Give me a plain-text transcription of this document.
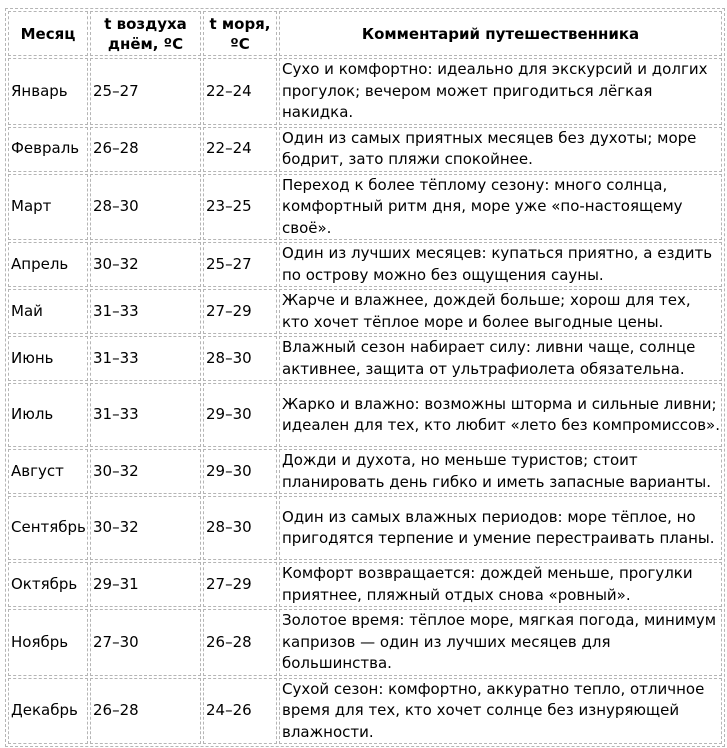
Месяц	t воздуха днём, ºC	t моря, ºC	Комментарий путешественника
Январь	25–27	22–24	Сухо и комфортно: идеально для экскурсий и долгих прогулок; вечером может пригодиться лёгкая накидка.
Февраль	26–28	22–24	Один из самых приятных месяцев без духоты; море бодрит, зато пляжи спокойнее.
Март	28–30	23–25	Переход к более тёплому сезону: много солнца, комфортный ритм дня, море уже «по‑настоящему своё».
Апрель	30–32	25–27	Один из лучших месяцев: купаться приятно, а ездить по острову можно без ощущения сауны.
Май	31–33	27–29	Жарче и влажнее, дождей больше; хорош для тех, кто хочет тёплое море и более выгодные цены.
Июнь	31–33	28–30	Влажный сезон набирает силу: ливни чаще, солнце активнее, защита от ультрафиолета обязательна.
Июль	31–33	29–30	Жарко и влажно: возможны шторма и сильные ливни; идеален для тех, кто любит «лето без компромиссов».
Август	30–32	29–30	Дожди и духота, но меньше туристов; стоит планировать день гибко и иметь запасные варианты.
Сентябрь	30–32	28–30	Один из самых влажных периодов: море тёплое, но пригодятся терпение и умение перестраивать планы.
Октябрь	29–31	27–29	Комфорт возвращается: дождей меньше, прогулки приятнее, пляжный отдых снова «ровный».
Ноябрь	27–30	26–28	Золотое время: тёплое море, мягкая погода, минимум капризов — один из лучших месяцев для большинства.
Декабрь	26–28	24–26	Сухой сезон: комфортно, аккуратно тепло, отличное время для тех, кто хочет солнце без изнуряющей влажности.
